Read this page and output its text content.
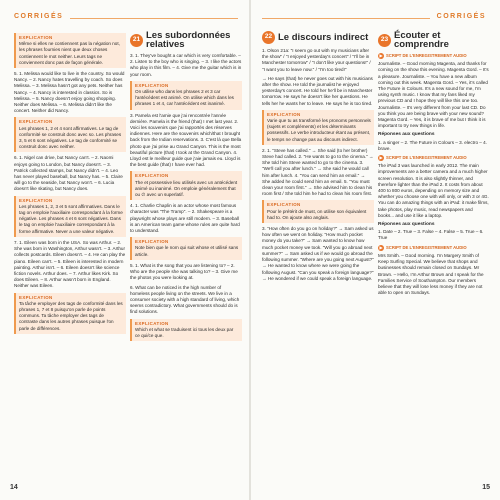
CORRIGÉS
EXPLICATION
Même si elles ne contiennent pas la négation not, les phrases fournies nient que deux choses contiennent le mot neither. Leurs tags ne conviennent donc pas de façon générale.

5. 1. Melissa would like to live in the country. So would Nancy. – 2. Nancy hates travelling by coach. So does Melissa. – 3. Melissa hasn't got any pets. Neither has Nancy. – 4. Nancy is interested in classics. So is Melissa. – 5. Nancy doesn't enjoy going shopping. Neither does Melissa. – 6. Melissa didn't like the concert. Neither did Nancy.

EXPLICATION
Les phrases 1, 2 et 4 sont affirmatives. Le tag de conformité se construit donc avec so. Les phrases 3, 5 et 6 sont négatives. Le tag de conformité se construit donc avec neither.

6. 1. Nigel can drive, but Nancy can't. – 2. Naomi enjoys going to London, but Nancy doesn't. – 3. Patrick collected stamps, but Nancy didn't. – 4. Leo has never played baseball, but Nancy has. – 5. Claire will go to the seaside, but Nancy won't. – 6. Lucia doesn't like skating, but Nancy does.

EXPLICATION
Les phrases 1, 2, 3 et 5 sont affirmatives. Dans le tag on emploie l'auxiliaire correspondant à la forme négative. Les phrases 4 et 6 sont négatives. Dans le tag on emploie l'auxiliaire correspondant à la forme affirmative. Never a une valeur négative.

7. 1. Eileen was born in the USA. So was Arthur. – 2. She was born in Washington, Arthur wasn't. – 3. Arthur collects postcards. Eileen doesn't. – 4. He can play the piano. Eileen can't. – 5. Eileen is interested in modern painting. Arthur isn't. – 6. Eileen doesn't like science fiction novels. Arthur does. – 7. Arthur likes Kirk. So does Eileen. – 8. Arthur wasn't born in England. Neither was Eileen.

EXPLICATION
Ta tâche employer des tags de conformité dans les phrases 1, 7 et 8 puisqu'on parle de points communs. Ta tâche employer des tags de contraste dans les autres phrases puisque l'on parle de différences.
21 Les subordonnées relatives

3. 1. They've bought a car which is very comfortable. – 2. Listen to the boy who is singing. – 3. I like the actors who play in this film. – 4. Give me the guitar which is in your room.

EXPLICATION
On utilise who dans les phrases 2 et 3 car l'antécédent est animé. On utilise which dans les phrases 1 et 4, car l'antécédent est inanimé.

3. Pamela est l'amie que j'ai rencontrée l'année dernière. Pamela is the friend (that) I met last year. 2. Voici les souvenirs que j'ai rapportés des réserves indiennes. Here are the souvenirs which/that I brought back from the Indian reservations. 3. C'est là que Bella photo que j'ai prise au Grand Canyon. This is the most beautiful picture (that) I took at the Grand Canyon. 4. Lloyd est le meilleur guide que j'aie jamais eu. Lloyd is the best guide (that) I have ever had.

EXPLICATION
The et possessive lieu utilisés avec un antécédent animé ou inanimé. On emploie généralement that ou ∅ avec un superlatif.

4. 1. Charlie Chaplin is an actor whose most famous character was "The Tramp". – 2. Shakespeare is a playwright whose plays are still modern. – 3. Baseball is an American team game whose rules are quite hard to understand.

EXPLICATION
Note bien que le nom qui suit whose et utilisé sans article.

5. 1. What is the song that you are listening to? – 2. Who are the people she was talking to? – 3. Give me the photos you were looking at.

6. What can be noticed is the high number of homeless people living on the streets. We live in a consumer society with a high standard of living, which seems contradictory. What governments should do is find solutions.

EXPLICATION
Which et what se traduisent ici tous les deux par ce qui/ce que.
14
CORRIGÉS
22 Le discours indirect

1. Olson 21a: "I seem go out with my musicians after the show" / "I enjoyed yesterday's concert" / "I'll be in Manchester tomorrow" / "I don't like your questions!" / "I want you to leave now." / "I'm too tired!"

→ He says (that) he never goes out with his musicians after the show. He told the journalist he enjoyed yesterday's concert. He told her he'll be in Manchester tomorrow. He says he doesn't like her questions. He tells her he wants her to leave. He says he is too tired.

EXPLICATION
Varie que tu as transformé les pronoms personnels (sujets et compléments) et les déterminants possessifs. Le verbe introducteur étant au présent, le temps ne change pas au discours indirect.

2. 1. "Steve has called." → She said (to her brother) Steve had called. 2. "He wants to go to the cinema." → She told him Steve wanted to go to the cinema. 3. "We'll call you after lunch." → She said he would call him after lunch. 4. "You can send him an email." → She added he could send him an email. 5. "You must clean your room first." → She advised him to clean his room first / She told him he had to clean his room first.

EXPLICATION
Pour le prétérit de must, on utilise son équivalent had to. On ajoute also anglais.

3. "How often do you go on holiday?" → Sam asked us how often we went on holiday. "How much pocket money do you take?" → Sam wanted to know how much pocket money we took. "Will you go abroad next summer?" → Sam asked us if we would go abroad the following summer. "Where are you going next August?" → He wanted to know where we were going the following August. "Can you speak a foreign language?" → He wondered if we could speak a foreign language.

23 Écouter et comprendre
▶ SCRIPT DE L'ENREGISTREMENT AUDIO

Journaliste. – Good morning Magenta, and thanks for coming on the show this evening. Magenta Gord. – It's a pleasure. Journaliste. – You have a new album coming out this week. Magenta Gord. – Yes, it's called The Future in Colours. It's a new sound for me, I'm using synth music. I know that my fans liked my previous CD and I hope they will like this one too. Journaliste. – It's very different from your last CD. Do you think you are being brave with your new sound? Magenta Gord. – Yes, it is brave of me but I think it is important to try new things in life.

Réponses aux questions

1. a singer – 2. The Future in Colours – 3. electro – 4. brave.

▶ SCRIPT DE L'ENREGISTREMENT AUDIO

The iPad 3 was launched in early 2012. The main improvements are a better camera and a much higher screen resolution. It is also slightly thinner, and therefore lighter than the iPad 2. It costs from about 400 to 800 euros, depending on memory size and whether you choose one with wifi only, or with 3 or 4G. You can do amazing things with an iPad: it make films, take photos, play music, read newspapers and books... and use it like a laptop.

Réponses aux questions

1. Date – 2. True – 3. False – 4. False – 5. True – 6. True

▶ SCRIPT DE L'ENREGISTREMENT AUDIO

Mrs Smith. – Good morning. I'm Margery Smith of Keep Surfing Special. We believe that shops and businesses should remain closed on Sundays. Mr Brown. – Hello, I'm Arthur Brown and I speak for the Families Service of Southampton. Our members believe that they will lose less money if they are not able to open on Sundays.

15
